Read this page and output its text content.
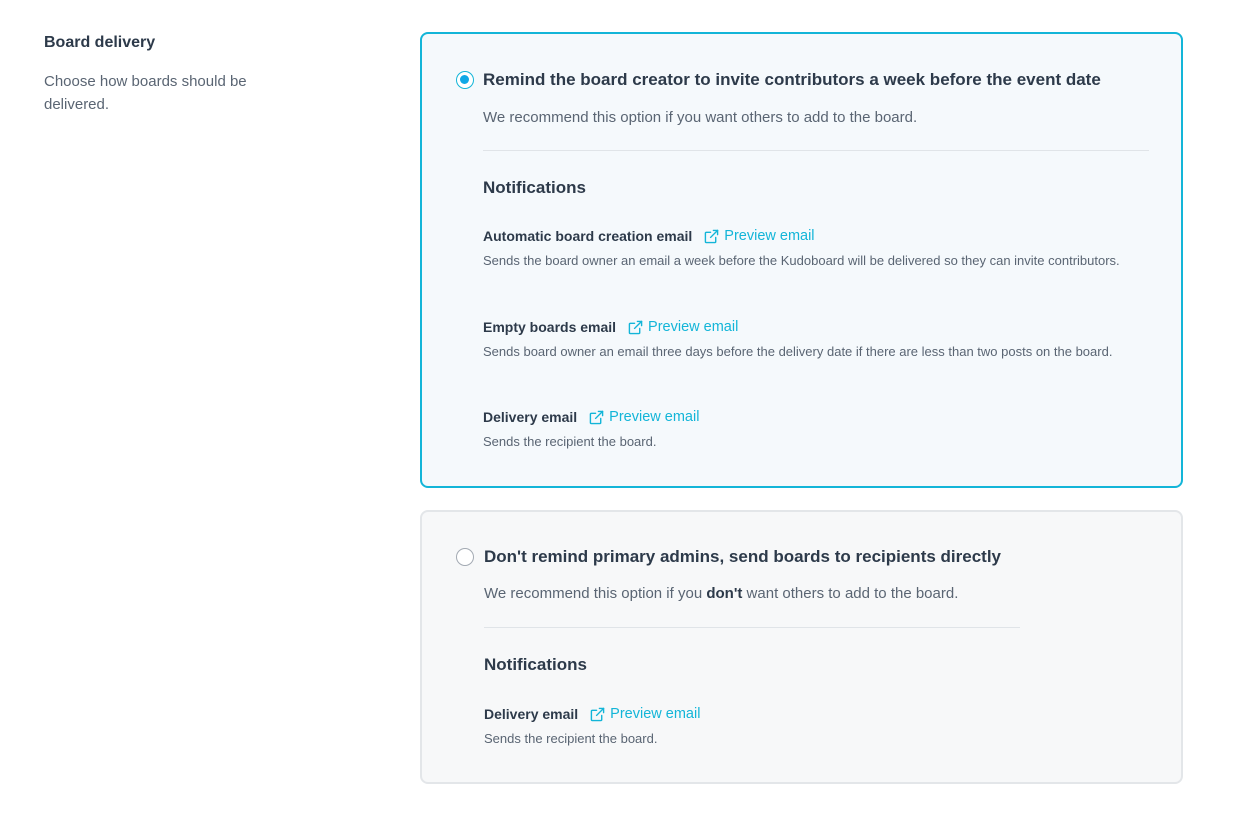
Board delivery
Choose how boards should be delivered.
Remind the board creator to invite contributors a week before the event date
We recommend this option if you want others to add to the board.
Notifications
Automatic board creation email Preview email
Sends the board owner an email a week before the Kudoboard will be delivered so they can invite contributors.
Empty boards email Preview email
Sends board owner an email three days before the delivery date if there are less than two posts on the board.
Delivery email Preview email
Sends the recipient the board.
Don't remind primary admins, send boards to recipients directly
We recommend this option if you don't want others to add to the board.
Notifications
Delivery email Preview email
Sends the recipient the board.
